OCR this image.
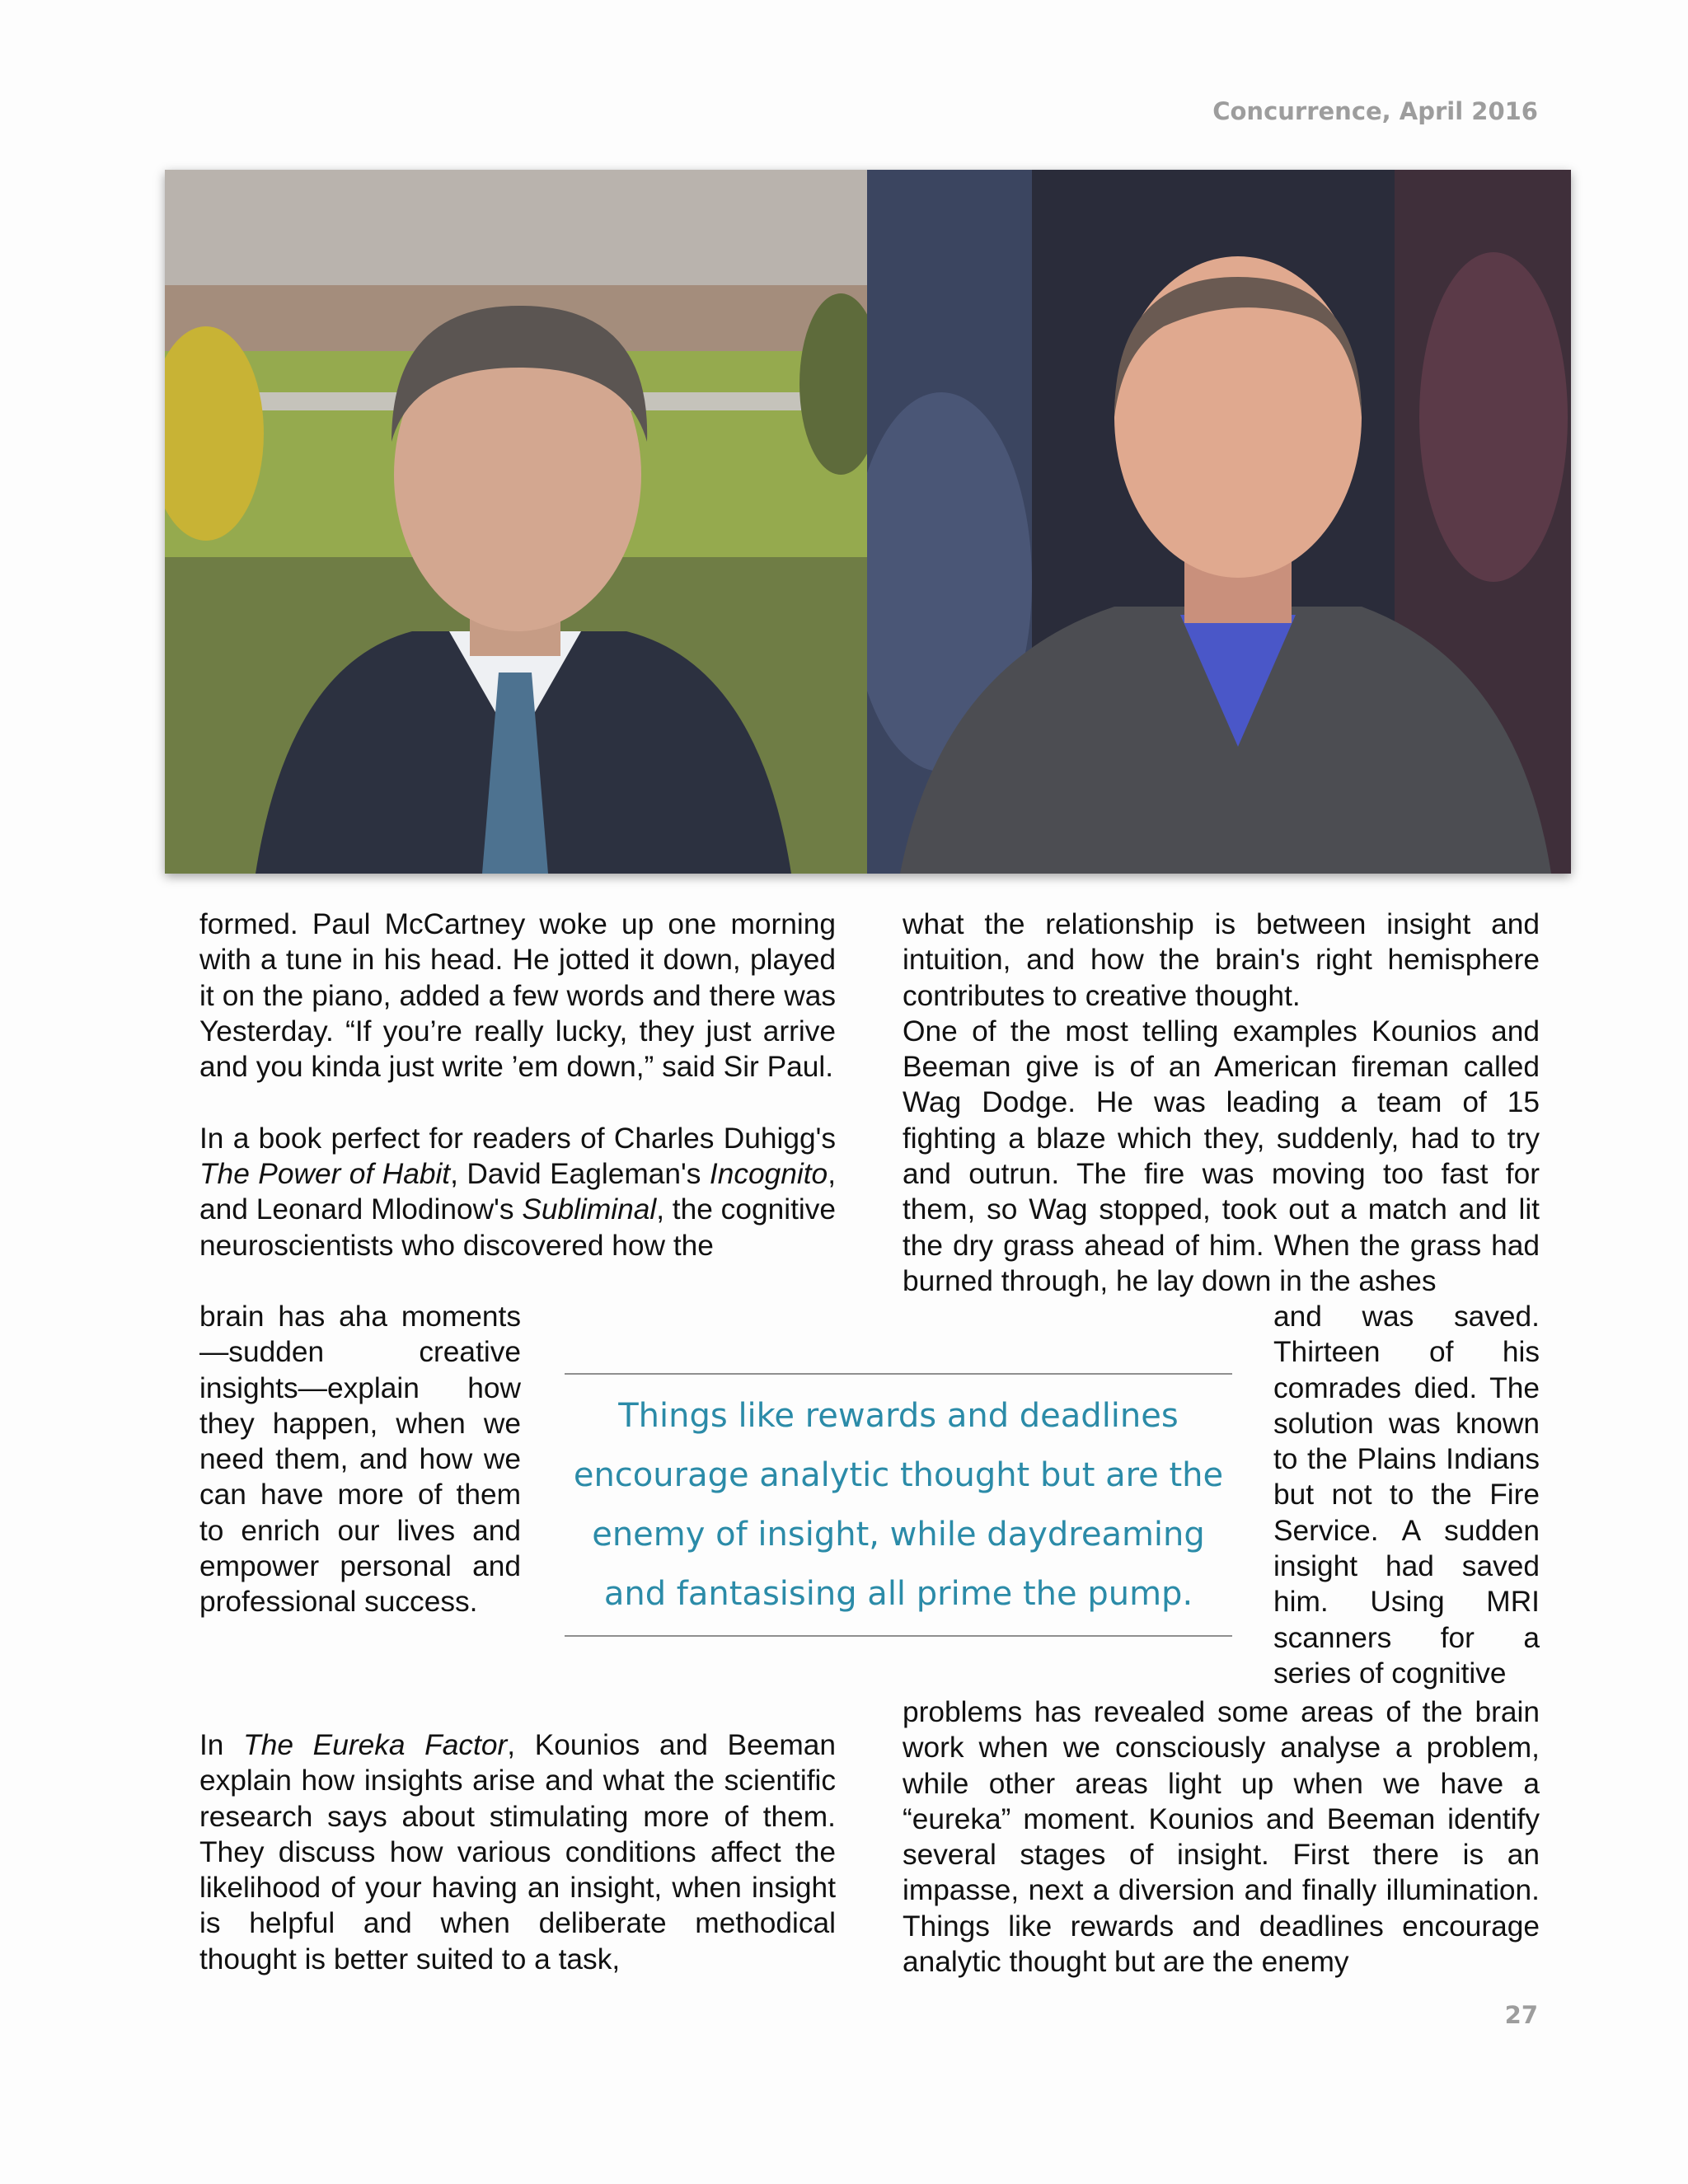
Concurrence, April 2016

formed. Paul McCartney woke up one morning with a tune in his head. He jotted it down, played it on the piano, added a few words and there was Yesterday. “If you’re really lucky, they just arrive and you kinda just write ’em down,” said Sir Paul.

In a book perfect for readers of Charles Duhigg's The Power of Habit, David Eagleman's Incognito, and Leonard Mlodinow's Subliminal, the cognitive neuroscientists who discovered how the

brain has aha moments —sudden creative insights—explain how they happen, when we need them, and how we can have more of them to enrich our lives and empower personal and professional success.

In The Eureka Factor, Kounios and Beeman explain how insights arise and what the scientific research says about stimulating more of them. They discuss how various conditions affect the likelihood of your having an insight, when insight is helpful and when deliberate methodical thought is better suited to a task,

what the relationship is between insight and intuition, and how the brain's right hemisphere contributes to creative thought.

One of the most telling examples Kounios and Beeman give is of an American fireman called Wag Dodge. He was leading a team of 15 fighting a blaze which they, suddenly, had to try and outrun. The fire was moving too fast for them, so Wag stopped, took out a match and lit the dry grass ahead of him. When the grass had burned through, he lay down in the ashes

and was saved. Thirteen of his comrades died. The solution was known to the Plains Indians but not to the Fire Service. A sudden insight had saved him. Using MRI scanners for a series of cognitive

problems has revealed some areas of the brain work when we consciously analyse a problem, while other areas light up when we have a “eureka” moment. Kounios and Beeman identify several stages of insight. First there is an impasse, next a diversion and finally illumination. Things like rewards and deadlines encourage analytic thought but are the enemy

Things like rewards and deadlines
encourage analytic thought but are the
enemy of insight, while daydreaming
and fantasising all prime the pump.
27
